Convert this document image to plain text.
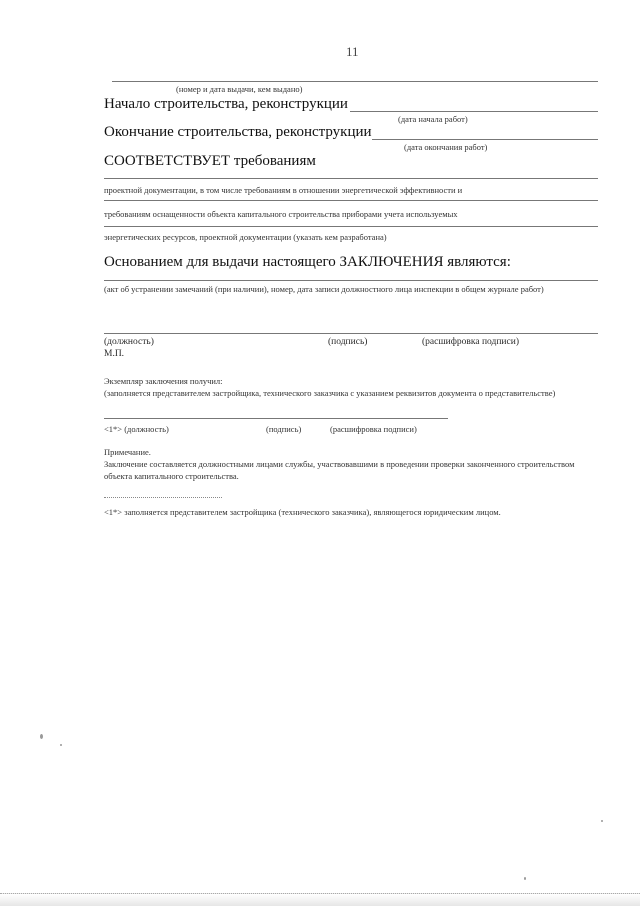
11
(номер и дата выдачи, кем выдано)
Начало строительства, реконструкции
(дата начала работ)
Окончание строительства, реконструкции
(дата окончания работ)
СООТВЕТСТВУЕТ требованиям
проектной документации, в том числе требованиям в отношении энергетической эффективности и
требованиям оснащенности объекта капитального строительства приборами учета используемых
энергетических ресурсов, проектной документации (указать кем разработана)
Основанием для выдачи настоящего ЗАКЛЮЧЕНИЯ являются:
(акт об устранении замечаний (при наличии), номер, дата записи должностного лица инспекции в общем журнале работ)
(должность)	(подпись)	(расшифровка подписи)
М.П.
Экземпляр заключения получил:
(заполняется представителем застройщика, технического заказчика с указанием реквизитов документа о представительстве)
<1*> (должность)	(подпись)	(расшифровка подписи)
Примечание.
Заключение составляется должностными лицами службы, участвовавшими в проведении проверки законченного строительством объекта капитального строительства.
<1*> заполняется представителем застройщика (технического заказчика), являющегося юридическим лицом.
